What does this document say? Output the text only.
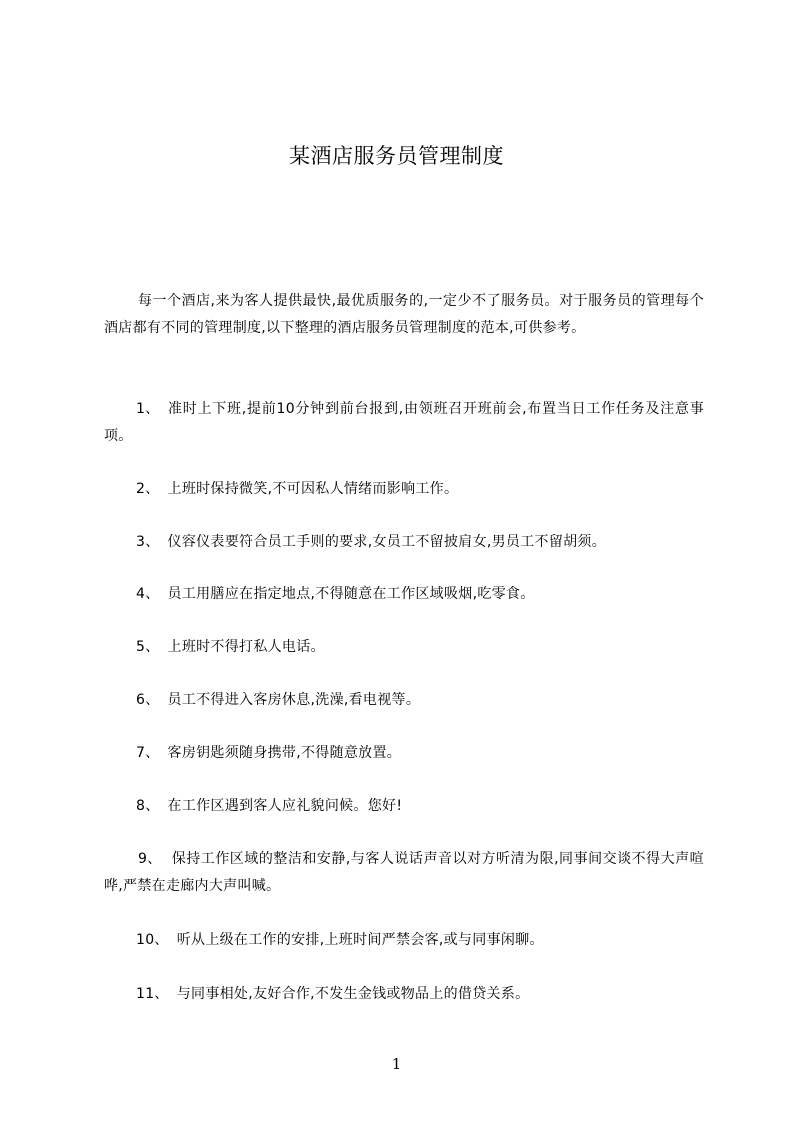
某酒店服务员管理制度
每一个酒店,来为客人提供最快,最优质服务的,一定少不了服务员。对于服务员的管理每个酒店都有不同的管理制度,以下整理的酒店服务员管理制度的范本,可供参考。
1、 准时上下班,提前10分钟到前台报到,由领班召开班前会,布置当日工作任务及注意事项。
2、 上班时保持微笑,不可因私人情绪而影响工作。
3、 仪容仪表要符合员工手则的要求,女员工不留披肩女,男员工不留胡须。
4、 员工用膳应在指定地点,不得随意在工作区域吸烟,吃零食。
5、 上班时不得打私人电话。
6、 员工不得进入客房休息,洗澡,看电视等。
7、 客房钥匙须随身携带,不得随意放置。
8、 在工作区遇到客人应礼貌问候。您好!
9、 保持工作区域的整洁和安静,与客人说话声音以对方听清为限,同事间交谈不得大声喧哗,严禁在走廊内大声叫喊。
10、 听从上级在工作的安排,上班时间严禁会客,或与同事闲聊。
11、 与同事相处,友好合作,不发生金钱或物品上的借贷关系。
1
